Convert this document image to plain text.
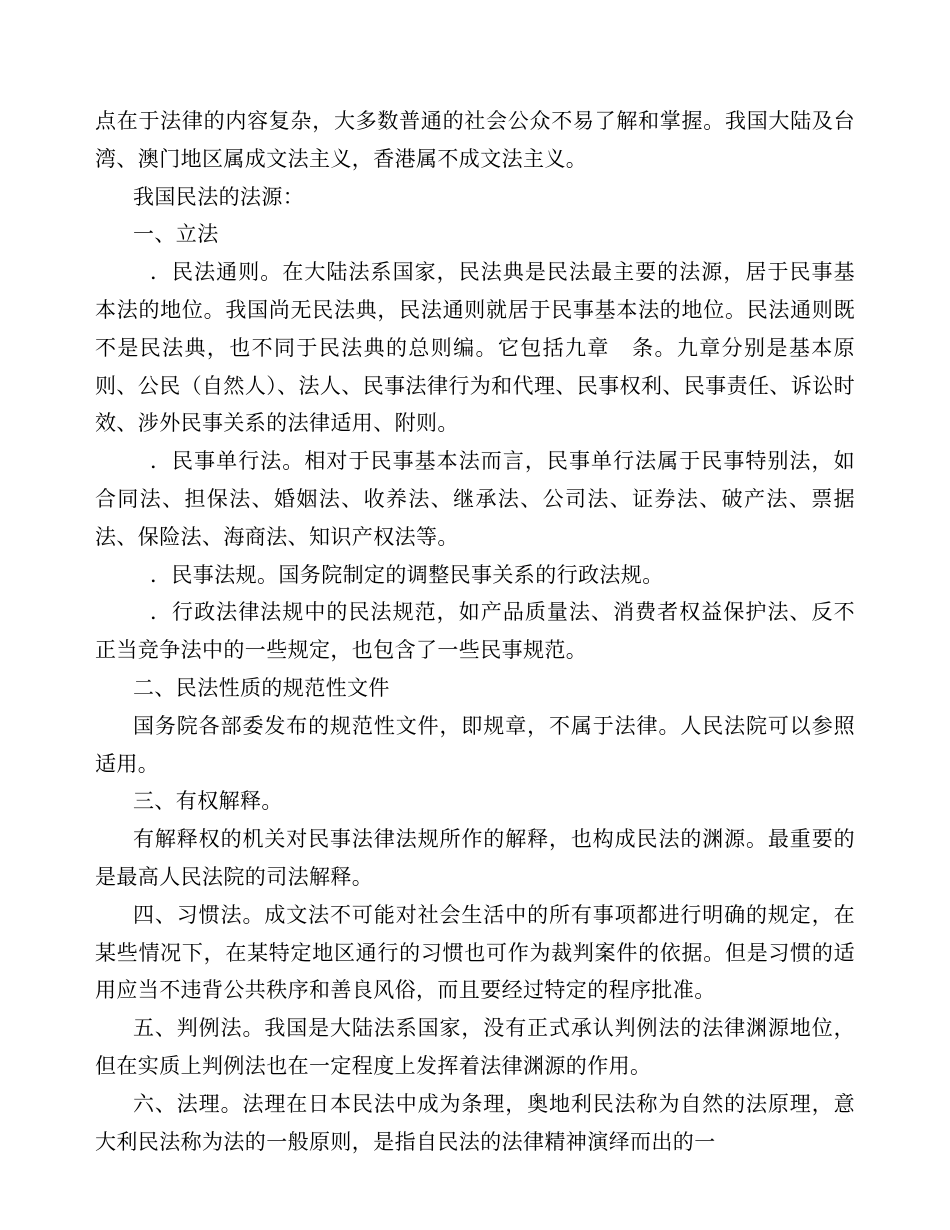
点在于法律的内容复杂，大多数普通的社会公众不易了解和掌握。我国大陆及台湾、澳门地区属成文法主义，香港属不成文法主义。

我国民法的法源：

一、立法

．民法通则。在大陆法系国家，民法典是民法最主要的法源，居于民事基本法的地位。我国尚无民法典，民法通则就居于民事基本法的地位。民法通则既不是民法典，也不同于民法典的总则编。它包括九章　条。九章分别是基本原则、公民（自然人）、法人、民事法律行为和代理、民事权利、民事责任、诉讼时效、涉外民事关系的法律适用、附则。

．民事单行法。相对于民事基本法而言，民事单行法属于民事特别法，如合同法、担保法、婚姻法、收养法、继承法、公司法、证券法、破产法、票据法、保险法、海商法、知识产权法等。

．民事法规。国务院制定的调整民事关系的行政法规。

．行政法律法规中的民法规范，如产品质量法、消费者权益保护法、反不正当竞争法中的一些规定，也包含了一些民事规范。

二、民法性质的规范性文件

国务院各部委发布的规范性文件，即规章，不属于法律。人民法院可以参照适用。

三、有权解释。

有解释权的机关对民事法律法规所作的解释，也构成民法的渊源。最重要的是最高人民法院的司法解释。

四、习惯法。成文法不可能对社会生活中的所有事项都进行明确的规定，在某些情况下，在某特定地区通行的习惯也可作为裁判案件的依据。但是习惯的适用应当不违背公共秩序和善良风俗，而且要经过特定的程序批准。

五、判例法。我国是大陆法系国家，没有正式承认判例法的法律渊源地位，但在实质上判例法也在一定程度上发挥着法律渊源的作用。

六、法理。法理在日本民法中成为条理，奥地利民法称为自然的法原理，意大利民法称为法的一般原则，是指自民法的法律精神演绎而出的一
